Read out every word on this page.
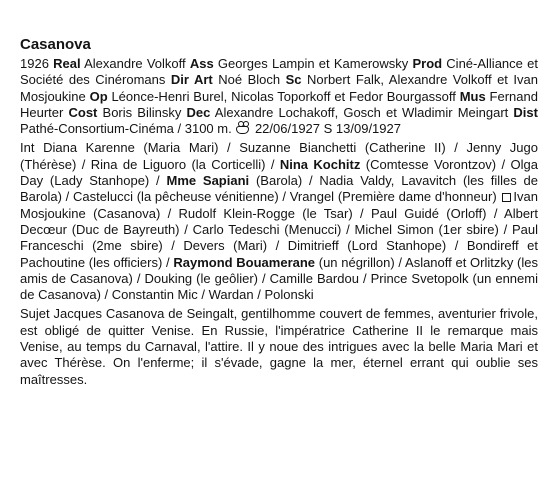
Casanova

1926 Real Alexandre Volkoff Ass Georges Lampin et Kamerowsky Prod Ciné-Alliance et Société des Cinéromans Dir Art Noé Bloch Sc Norbert Falk, Alexandre Volkoff et Ivan Mosjoukine Op Léonce-Henri Burel, Nicolas Toporkoff et Fedor Bourgassoff Mus Fernand Heurter Cost Boris Bilinsky Dec Alexandre Lochakoff, Gosch et Wladimir Meingart Dist Pathé-Consortium-Cinéma / 3100 m. 22/06/1927 S 13/09/1927

Int Diana Karenne (Maria Mari) / Suzanne Bianchetti (Catherine II) / Jenny Jugo (Thérèse) / Rina de Liguoro (la Corticelli) / Nina Kochitz (Comtesse Vorontzov) / Olga Day (Lady Stanhope) / Mme Sapiani (Barola) / Nadia Valdy, Lavavitch (les filles de Barola) / Castelucci (la pêcheuse vénitienne) / Vrangel (Première dame d'honneur) Ivan Mosjoukine (Casanova) / Rudolf Klein-Rogge (le Tsar) / Paul Guidé (Orloff) / Albert Decœur (Duc de Bayreuth) / Carlo Tedeschi (Menucci) / Michel Simon (1er sbire) / Paul Franceschi (2me sbire) / Devers (Mari) / Dimitrieff (Lord Stanhope) / Bondireff et Pachoutine (les officiers) / Raymond Bouamerane (un négrillon) / Aslanoff et Orlitzky (les amis de Casanova) / Douking (le geôlier) / Camille Bardou / Prince Svetopolk (un ennemi de Casanova) / Constantin Mic / Wardan / Polonski

Sujet Jacques Casanova de Seingalt, gentilhomme couvert de femmes, aventurier frivole, est obligé de quitter Venise. En Russie, l'impératrice Catherine II le remarque mais Venise, au temps du Carnaval, l'attire. Il y noue des intrigues avec la belle Maria Mari et avec Thérèse. On l'enferme; il s'évade, gagne la mer, éternel errant qui oublie ses maîtresses.
